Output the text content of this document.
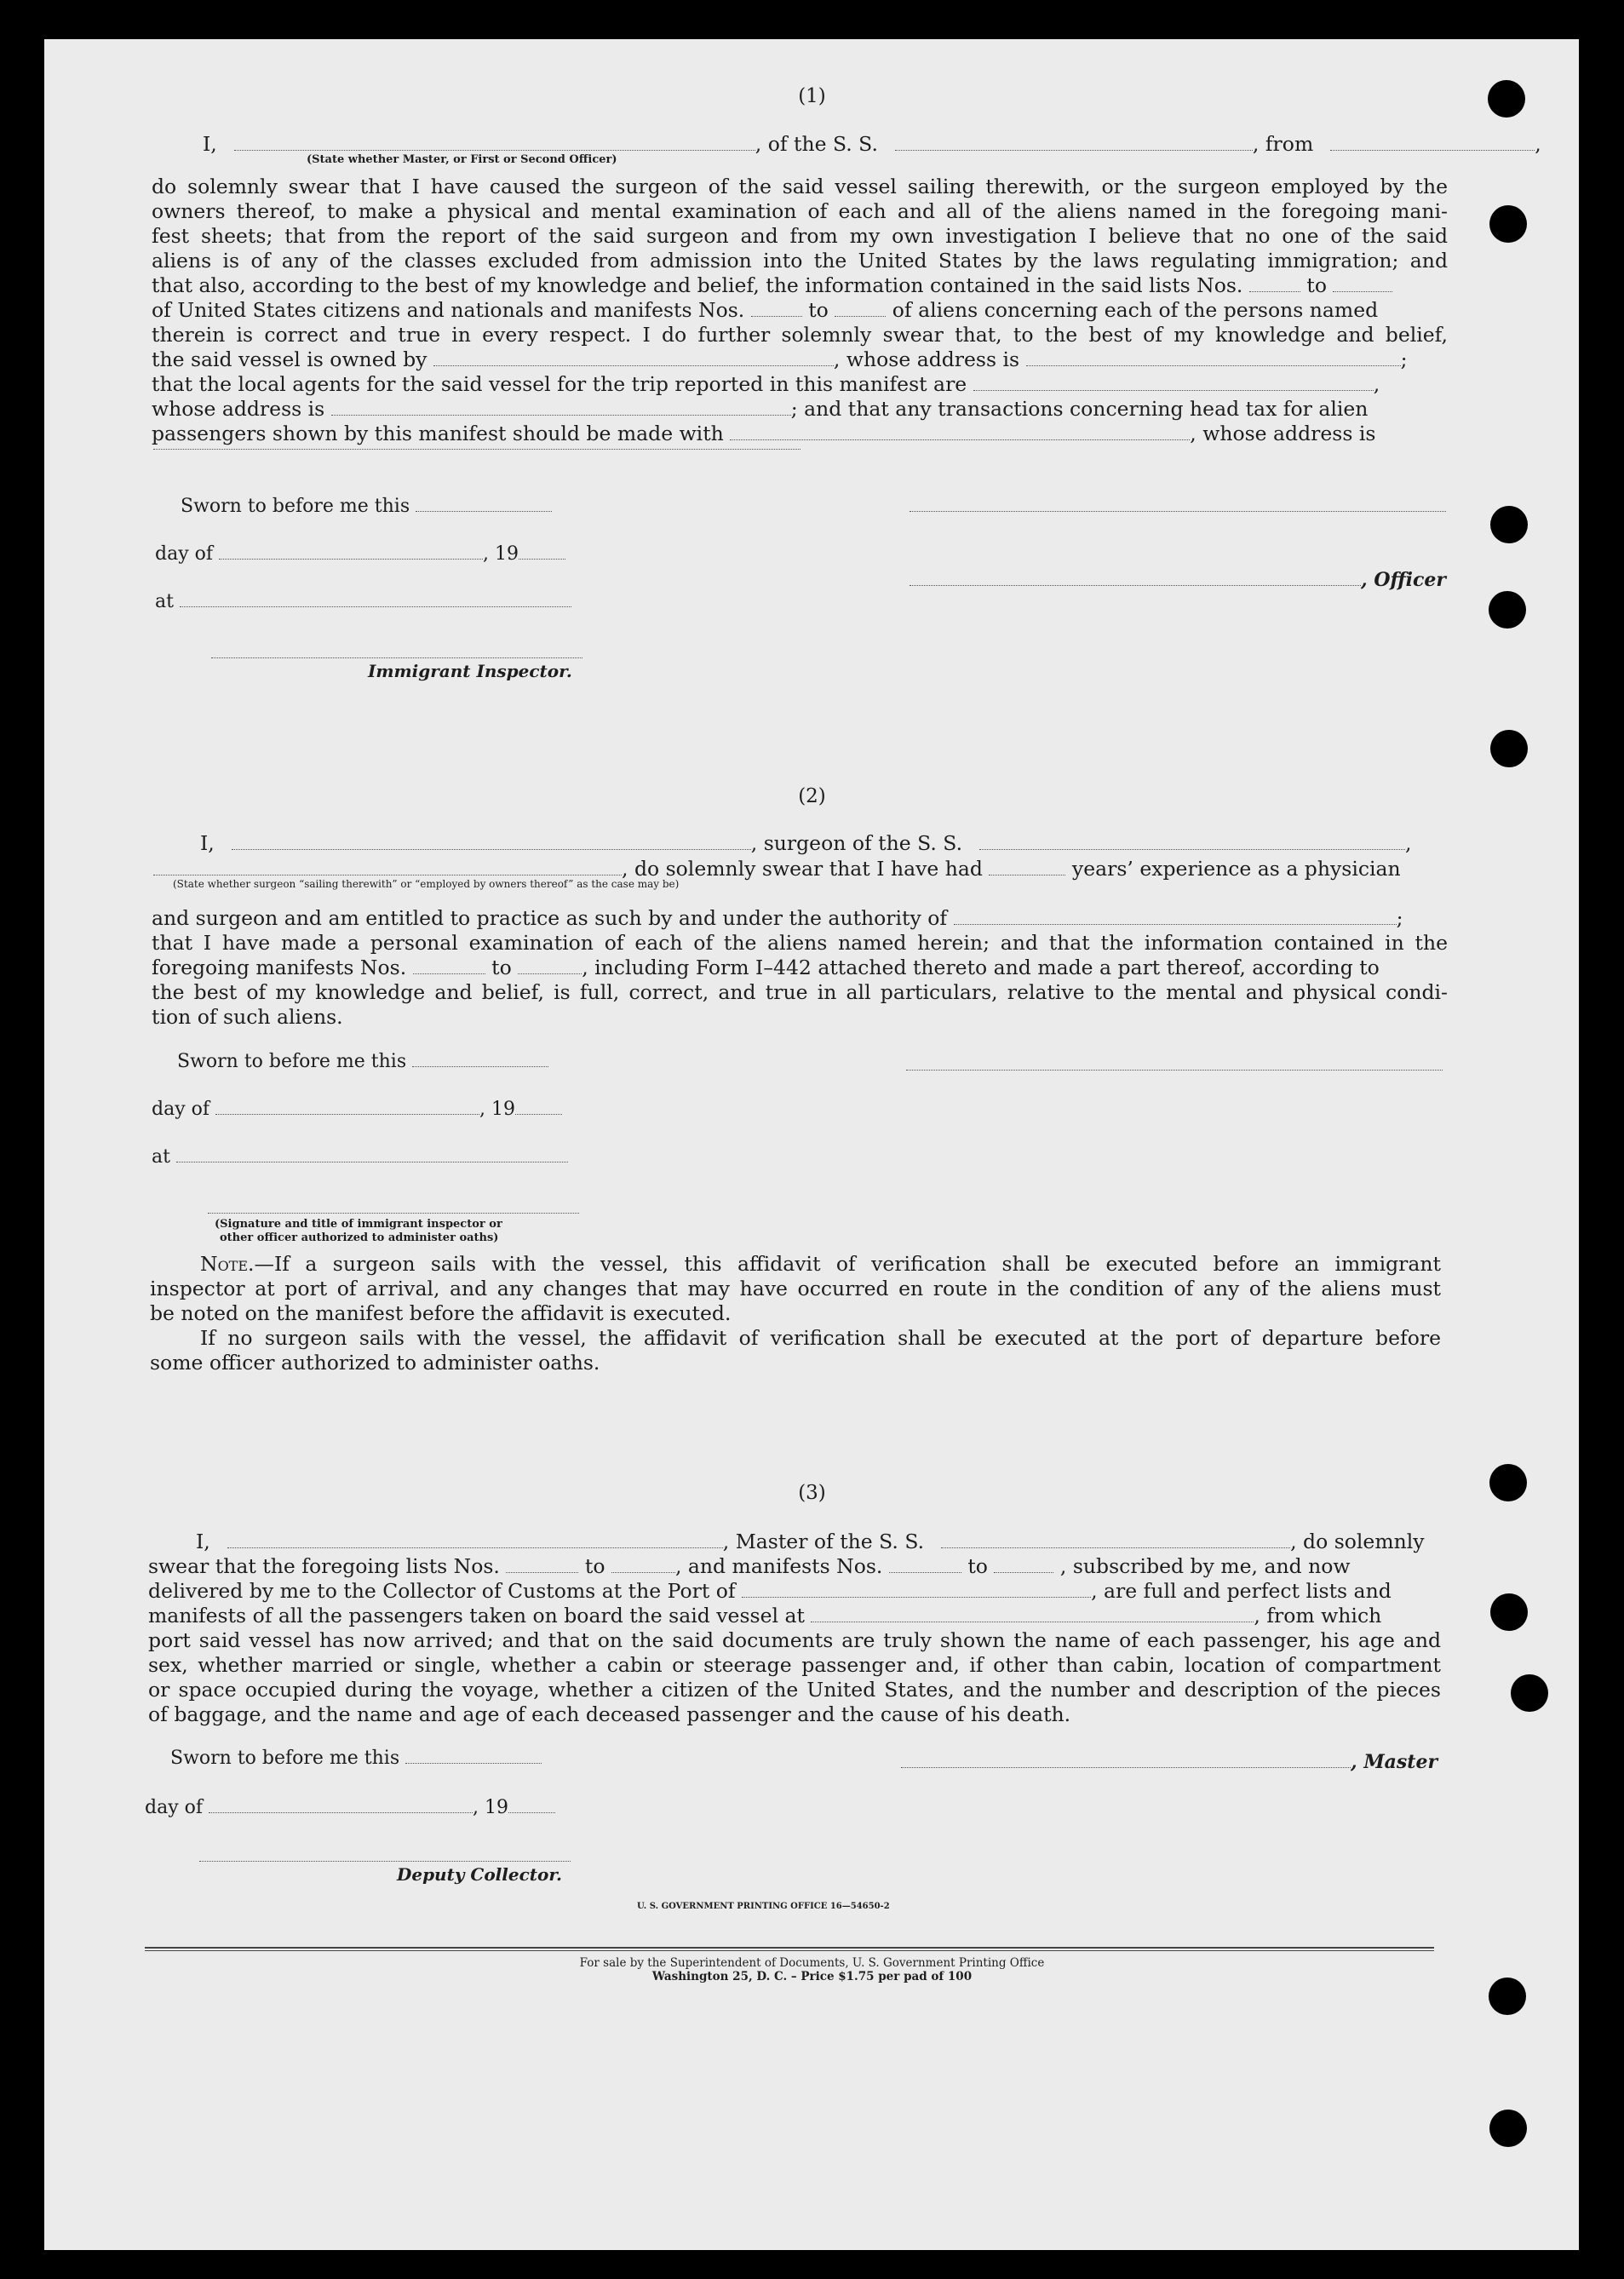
(1)
I,	, of the S. S.	, from	,
(State whether Master, or First or Second Officer)
do solemnly swear that I have caused the surgeon of the said vessel sailing therewith, or the surgeon employed by the
owners thereof, to make a physical and mental examination of each and all of the aliens named in the foregoing mani-
fest sheets; that from the report of the said surgeon and from my own investigation I believe that no one of the said
aliens is of any of the classes excluded from admission into the United States by the laws regulating immigration; and
that also, according to the best of my knowledge and belief, the information contained in the said lists Nos.	to
of United States citizens and nationals and manifests Nos.	to	of aliens concerning each of the persons named
therein is correct and true in every respect. I do further solemnly swear that, to the best of my knowledge and belief,
the said vessel is owned by	, whose address is	;
that the local agents for the said vessel for the trip reported in this manifest are	,
whose address is	; and that any transactions concerning head tax for alien
passengers shown by this manifest should be made with	, whose address is
Sworn to before me this
day of	, 19
at
Immigrant Inspector.
, Officer
(2)
I,	, surgeon of the S. S.	,
, do solemnly swear that I have had	years’ experience as a physician
(State whether surgeon “sailing therewith” or “employed by owners thereof” as the case may be)
and surgeon and am entitled to practice as such by and under the authority of	;
that I have made a personal examination of each of the aliens named herein; and that the information contained in the
foregoing manifests Nos.	to	, including Form I–442 attached thereto and made a part thereof, according to
the best of my knowledge and belief, is full, correct, and true in all particulars, relative to the mental and physical condi-
tion of such aliens.
Sworn to before me this
day of	, 19
at
(Signature and title of immigrant inspector or
other officer authorized to administer oaths)
Note.—If a surgeon sails with the vessel, this affidavit of verification shall be executed before an immigrant
inspector at port of arrival, and any changes that may have occurred en route in the condition of any of the aliens must
be noted on the manifest before the affidavit is executed.
If no surgeon sails with the vessel, the affidavit of verification shall be executed at the port of departure before
some officer authorized to administer oaths.
(3)
I,	, Master of the S. S.	, do solemnly
swear that the foregoing lists Nos.	to	, and manifests Nos.	to	, subscribed by me, and now
delivered by me to the Collector of Customs at the Port of	, are full and perfect lists and
manifests of all the passengers taken on board the said vessel at	, from which
port said vessel has now arrived; and that on the said documents are truly shown the name of each passenger, his age and
sex, whether married or single, whether a cabin or steerage passenger and, if other than cabin, location of compartment
or space occupied during the voyage, whether a citizen of the United States, and the number and description of the pieces
of baggage, and the name and age of each deceased passenger and the cause of his death.
Sworn to before me this	, Master
day of	, 19
Deputy Collector.
U. S. GOVERNMENT PRINTING OFFICE 16—54650-2
For sale by the Superintendent of Documents, U. S. Government Printing Office
Washington 25, D. C. – Price $1.75 per pad of 100
